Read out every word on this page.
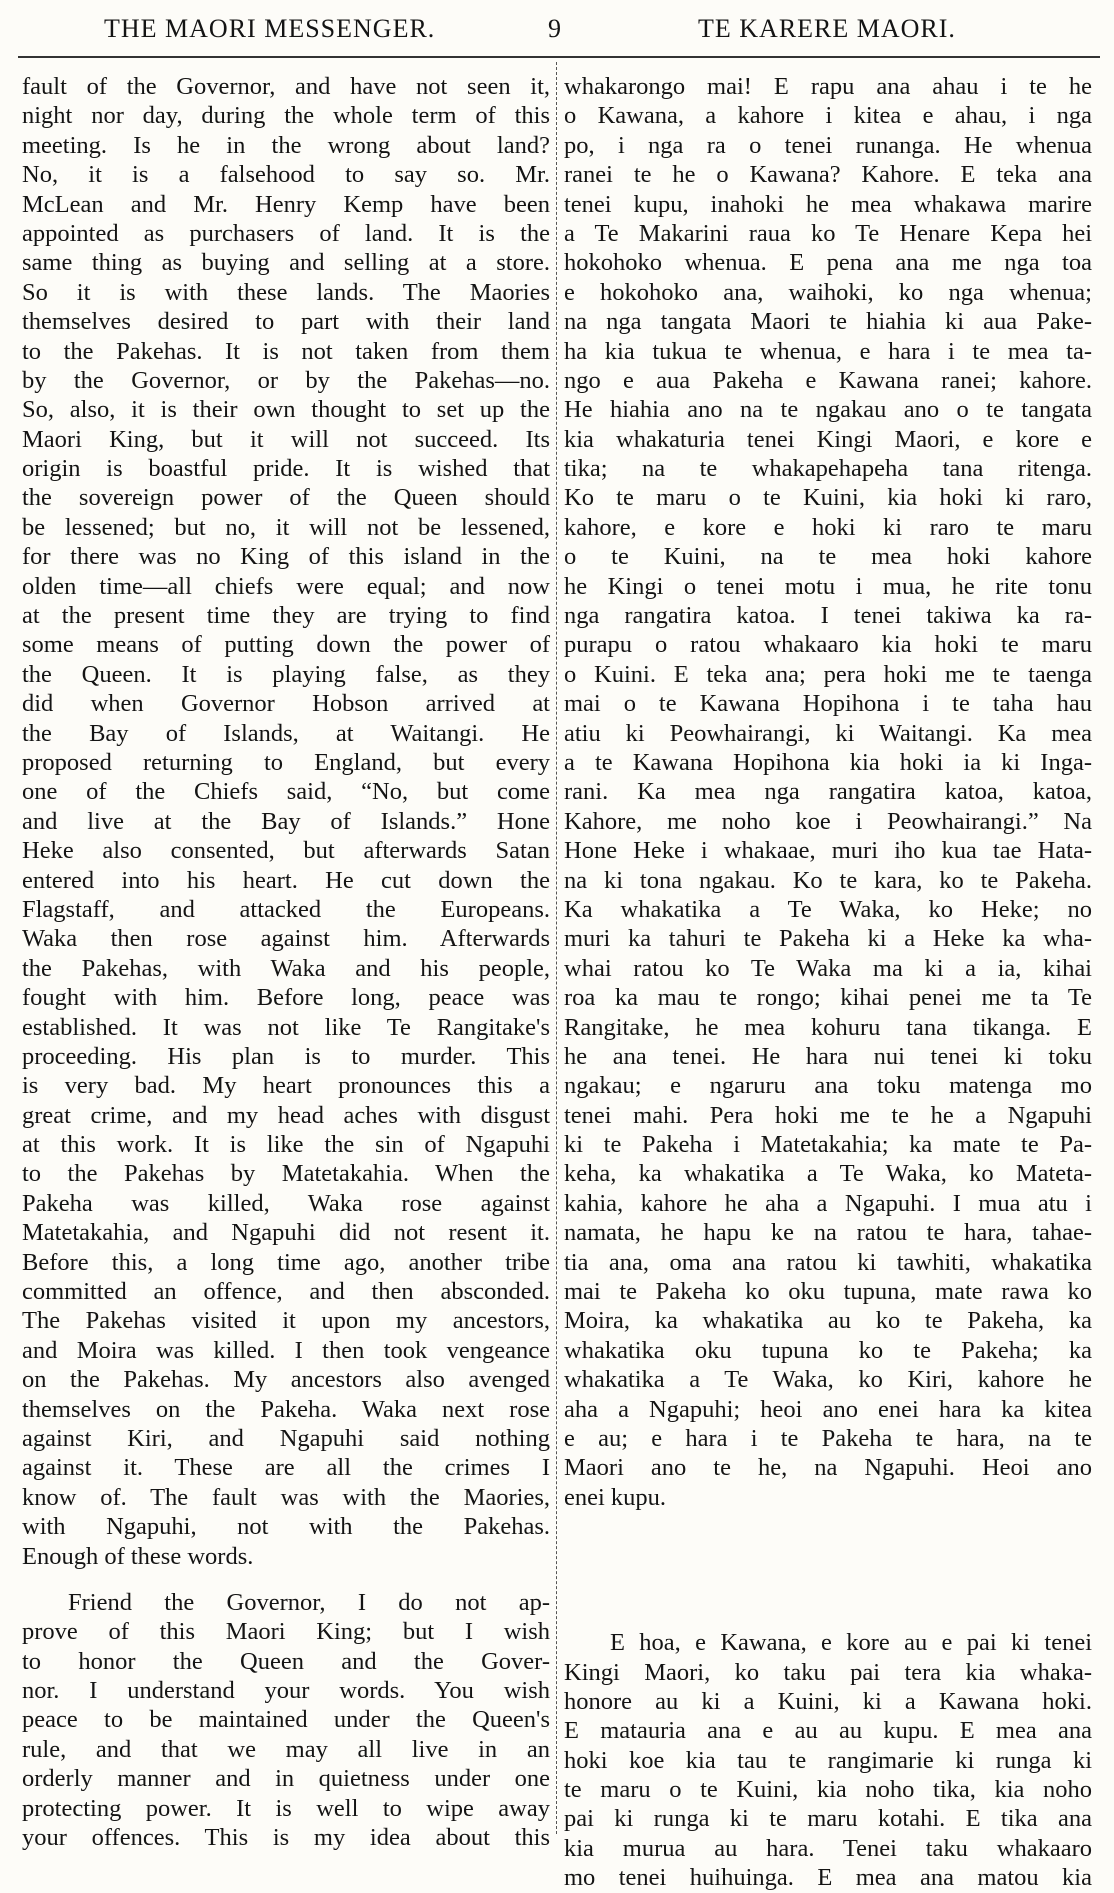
THE MAORI MESSENGER.	9	TE KARERE MAORI.
fault of the Governor, and have not seen it,
night nor day, during the whole term of this
meeting. Is he in the wrong about land?
No, it is a falsehood to say so. Mr.
McLean and Mr. Henry Kemp have been
appointed as purchasers of land. It is the
same thing as buying and selling at a store.
So it is with these lands. The Maories
themselves desired to part with their land
to the Pakehas. It is not taken from them
by the Governor, or by the Pakehas—no.
So, also, it is their own thought to set up the
Maori King, but it will not succeed. Its
origin is boastful pride. It is wished that
the sovereign power of the Queen should
be lessened; but no, it will not be lessened,
for there was no King of this island in the
olden time—all chiefs were equal; and now
at the present time they are trying to find
some means of putting down the power of
the Queen. It is playing false, as they
did when Governor Hobson arrived at
the Bay of Islands, at Waitangi. He
proposed returning to England, but every
one of the Chiefs said, “No, but come
and live at the Bay of Islands.” Hone
Heke also consented, but afterwards Satan
entered into his heart. He cut down the
Flagstaff, and attacked the Europeans.
Waka then rose against him. Afterwards
the Pakehas, with Waka and his people,
fought with him. Before long, peace was
established. It was not like Te Rangitake's
proceeding. His plan is to murder. This
is very bad. My heart pronounces this a
great crime, and my head aches with disgust
at this work. It is like the sin of Ngapuhi
to the Pakehas by Matetakahia. When the
Pakeha was killed, Waka rose against
Matetakahia, and Ngapuhi did not resent it.
Before this, a long time ago, another tribe
committed an offence, and then absconded.
The Pakehas visited it upon my ancestors,
and Moira was killed. I then took vengeance
on the Pakehas. My ancestors also avenged
themselves on the Pakeha. Waka next rose
against Kiri, and Ngapuhi said nothing
against it. These are all the crimes I
know of. The fault was with the Maories,
with Ngapuhi, not with the Pakehas.
Enough of these words.
Friend the Governor, I do not ap-
prove of this Maori King; but I wish
to honor the Queen and the Gover-
nor. I understand your words. You wish
peace to be maintained under the Queen's
rule, and that we may all live in an
orderly manner and in quietness under one
protecting power. It is well to wipe away
your offences. This is my idea about this
whakarongo mai! E rapu ana ahau i te he
o Kawana, a kahore i kitea e ahau, i nga
po, i nga ra o tenei runanga. He whenua
ranei te he o Kawana? Kahore. E teka ana
tenei kupu, inahoki he mea whakawa marire
a Te Makarini raua ko Te Henare Kepa hei
hokohoko whenua. E pena ana me nga toa
e hokohoko ana, waihoki, ko nga whenua;
na nga tangata Maori te hiahia ki aua Pake-
ha kia tukua te whenua, e hara i te mea ta-
ngo e aua Pakeha e Kawana ranei; kahore.
He hiahia ano na te ngakau ano o te tangata
kia whakaturia tenei Kingi Maori, e kore e
tika; na te whakapehapeha tana ritenga.
Ko te maru o te Kuini, kia hoki ki raro,
kahore, e kore e hoki ki raro te maru
o te Kuini, na te mea hoki kahore
he Kingi o tenei motu i mua, he rite tonu
nga rangatira katoa. I tenei takiwa ka ra-
purapu o ratou whakaaro kia hoki te maru
o Kuini. E teka ana; pera hoki me te taenga
mai o te Kawana Hopihona i te taha hau
atiu ki Peowhairangi, ki Waitangi. Ka mea
a te Kawana Hopihona kia hoki ia ki Inga-
rani. Ka mea nga rangatira katoa, katoa,
Kahore, me noho koe i Peowhairangi.” Na
Hone Heke i whakaae, muri iho kua tae Hata-
na ki tona ngakau. Ko te kara, ko te Pakeha.
Ka whakatika a Te Waka, ko Heke; no
muri ka tahuri te Pakeha ki a Heke ka wha-
whai ratou ko Te Waka ma ki a ia, kihai
roa ka mau te rongo; kihai penei me ta Te
Rangitake, he mea kohuru tana tikanga. E
he ana tenei. He hara nui tenei ki toku
ngakau; e ngaruru ana toku matenga mo
tenei mahi. Pera hoki me te he a Ngapuhi
ki te Pakeha i Matetakahia; ka mate te Pa-
keha, ka whakatika a Te Waka, ko Mateta-
kahia, kahore he aha a Ngapuhi. I mua atu i
namata, he hapu ke na ratou te hara, tahae-
tia ana, oma ana ratou ki tawhiti, whakatika
mai te Pakeha ko oku tupuna, mate rawa ko
Moira, ka whakatika au ko te Pakeha, ka
whakatika oku tupuna ko te Pakeha; ka
whakatika a Te Waka, ko Kiri, kahore he
aha a Ngapuhi; heoi ano enei hara ka kitea
e au; e hara i te Pakeha te hara, na te
Maori ano te he, na Ngapuhi. Heoi ano
enei kupu.
E hoa, e Kawana, e kore au e pai ki tenei
Kingi Maori, ko taku pai tera kia whaka-
honore au ki a Kuini, ki a Kawana hoki.
E matauria ana e au au kupu. E mea ana
hoki koe kia tau te rangimarie ki runga ki
te maru o te Kuini, kia noho tika, kia noho
pai ki runga ki te maru kotahi. E tika ana
kia murua au hara. Tenei taku whakaaro
mo tenei huihuinga. E mea ana matou kia
